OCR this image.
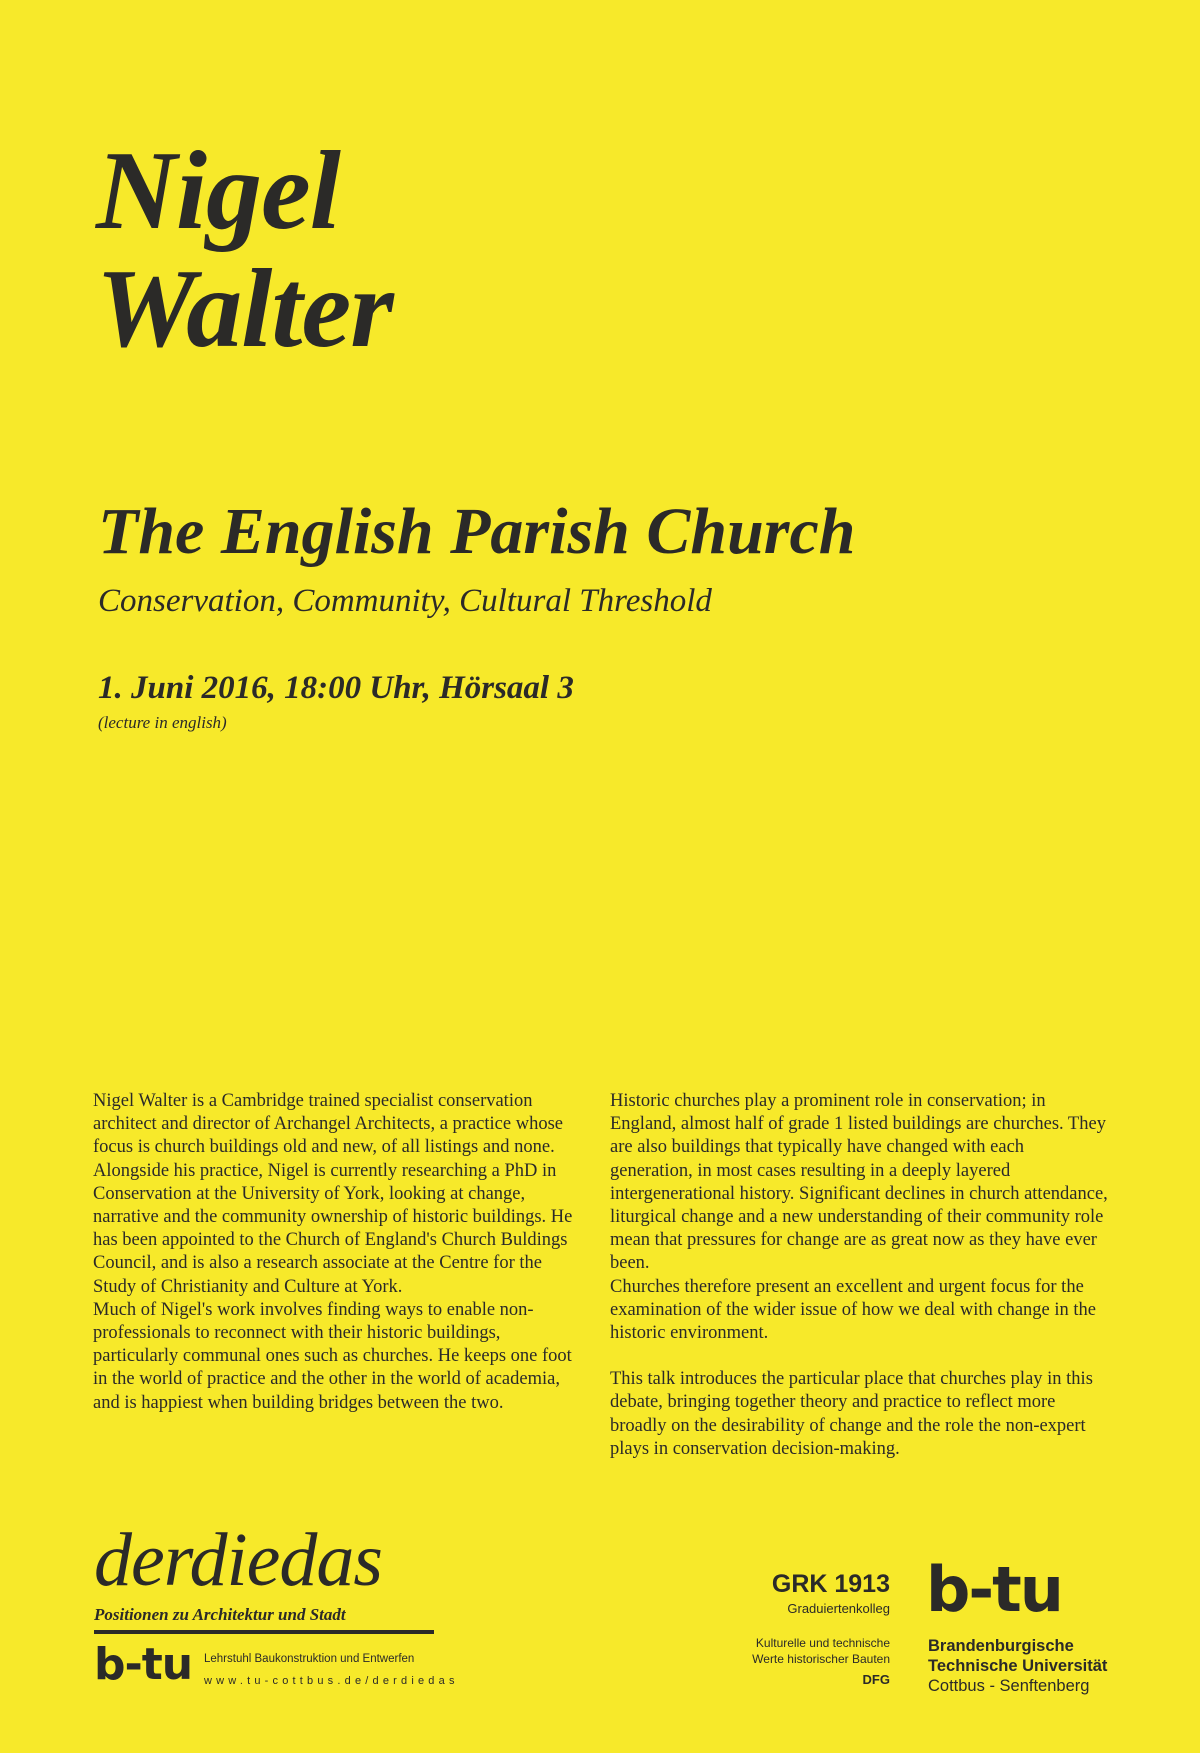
Nigel
Walter
The English Parish Church
Conservation, Community, Cultural Threshold
1. Juni 2016, 18:00 Uhr, Hörsaal 3
(lecture in english)

Nigel Walter is a Cambridge trained specialist conservation architect and director of Archangel Architects, a practice whose focus is church buildings old and new, of all listings and none. Alongside his practice, Nigel is currently researching a PhD in Conservation at the University of York, looking at change, narrative and the community ownership of historic buildings. He has been appointed to the Church of England's Church Buldings Council, and is also a research associate at the Centre for the Study of Christianity and Culture at York.

Much of Nigel's work involves finding ways to enable non-professionals to reconnect with their historic buildings, particularly communal ones such as churches. He keeps one foot in the world of practice and the other in the world of academia, and is happiest when building bridges between the two.

Historic churches play a prominent role in conservation; in England, almost half of grade 1 listed buildings are churches. They are also buildings that typically have changed with each generation, in most cases resulting in a deeply layered intergenerational history. Significant declines in church attendance, liturgical change and a new understanding of their community role mean that pressures for change are as great now as they have ever been.

Churches therefore present an excellent and urgent focus for the examination of the wider issue of how we deal with change in the historic environment.

This talk introduces the particular place that churches play in this debate, bringing together theory and practice to reflect more broadly on the desirability of change and the role the non-expert plays in conservation decision-making.

derdiedas
Positionen zu Architektur und Stadt
b-tu Lehrstuhl Baukonstruktion und Entwerfen
www.tu-cottbus.de/derdiedas
GRK 1913
Graduiertenkolleg
Kulturelle und technische
Werte historischer Bauten
DFG
b-tu
Brandenburgische
Technische Universität
Cottbus - Senftenberg
